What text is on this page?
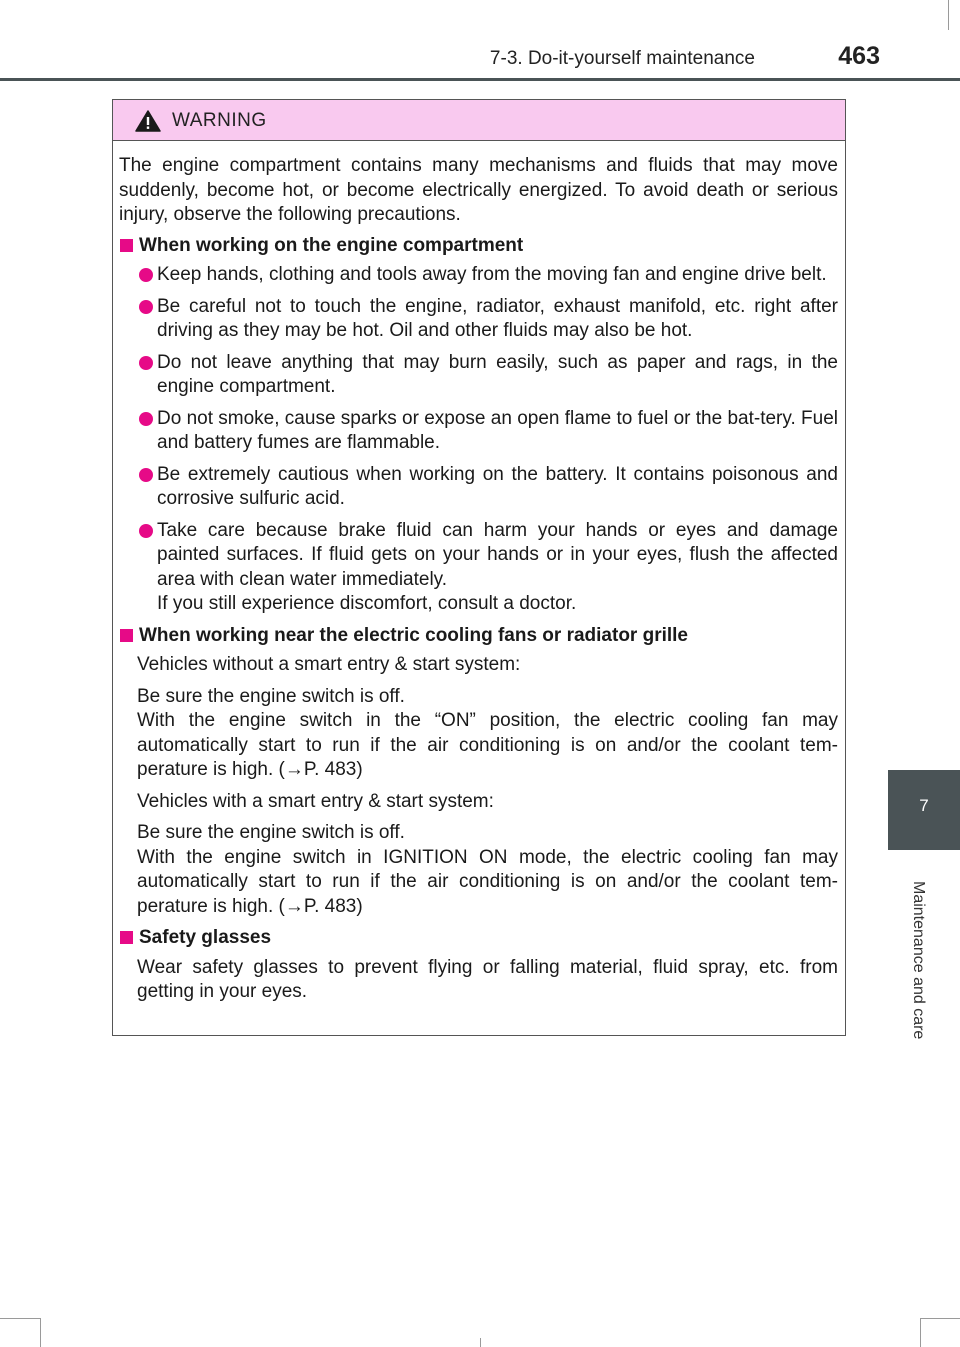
7-3. Do-it-yourself maintenance	463
7
Maintenance and care
WARNING

The engine compartment contains many mechanisms and fluids that may move suddenly, become hot, or become electrically energized. To avoid death or serious injury, observe the following precautions.

When working on the engine compartment

Keep hands, clothing and tools away from the moving fan and engine drive belt.

Be careful not to touch the engine, radiator, exhaust manifold, etc. right after driving as they may be hot. Oil and other fluids may also be hot.

Do not leave anything that may burn easily, such as paper and rags, in the engine compartment.

Do not smoke, cause sparks or expose an open flame to fuel or the bat-tery. Fuel and battery fumes are flammable.

Be extremely cautious when working on the battery. It contains poisonous and corrosive sulfuric acid.

Take care because brake fluid can harm your hands or eyes and damage painted surfaces. If fluid gets on your hands or in your eyes, flush the affected area with clean water immediately.

If you still experience discomfort, consult a doctor.

When working near the electric cooling fans or radiator grille

Vehicles without a smart entry & start system:

Be sure the engine switch is off.

With the engine switch in the “ON” position, the electric cooling fan may automatically start to run if the air conditioning is on and/or the coolant tem-perature is high. (→P. 483)

Vehicles with a smart entry & start system:

Be sure the engine switch is off.

With the engine switch in IGNITION ON mode, the electric cooling fan may automatically start to run if the air conditioning is on and/or the coolant tem-perature is high. (→P. 483)

Safety glasses

Wear safety glasses to prevent flying or falling material, fluid spray, etc. from getting in your eyes.
